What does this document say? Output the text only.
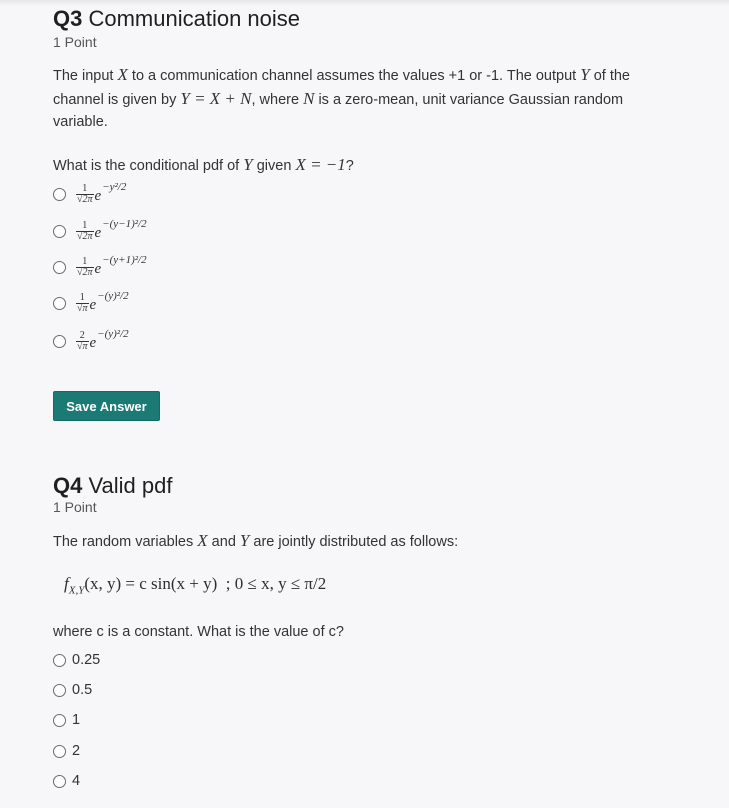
Q3 Communication noise
1 Point
The input X to a communication channel assumes the values +1 or -1. The output Y of the channel is given by Y = X + N, where N is a zero-mean, unit variance Gaussian random variable.
What is the conditional pdf of Y given X = −1?
$\frac{1}{√2\pi}$ e
−y²/2
$\frac{1}{√2\pi}$ e
−(y−1)²/2
$\frac{1}{√2\pi}$ e
−(y+1)²/2
$\frac{1}{√\pi}$ e
−(y)²/2
$\frac{2}{√\pi}$ e
−(y)²/2
Save Answer
Q4 Valid pdf
1 Point
The random variables X and Y are jointly distributed as follows:
$f_{X,Y}(x$, y) = c sin(x + y)  ; 0 ≤ x, y ≤ π/2
where c is a constant. What is the value of c?
0.25
0.5
1
2
4
